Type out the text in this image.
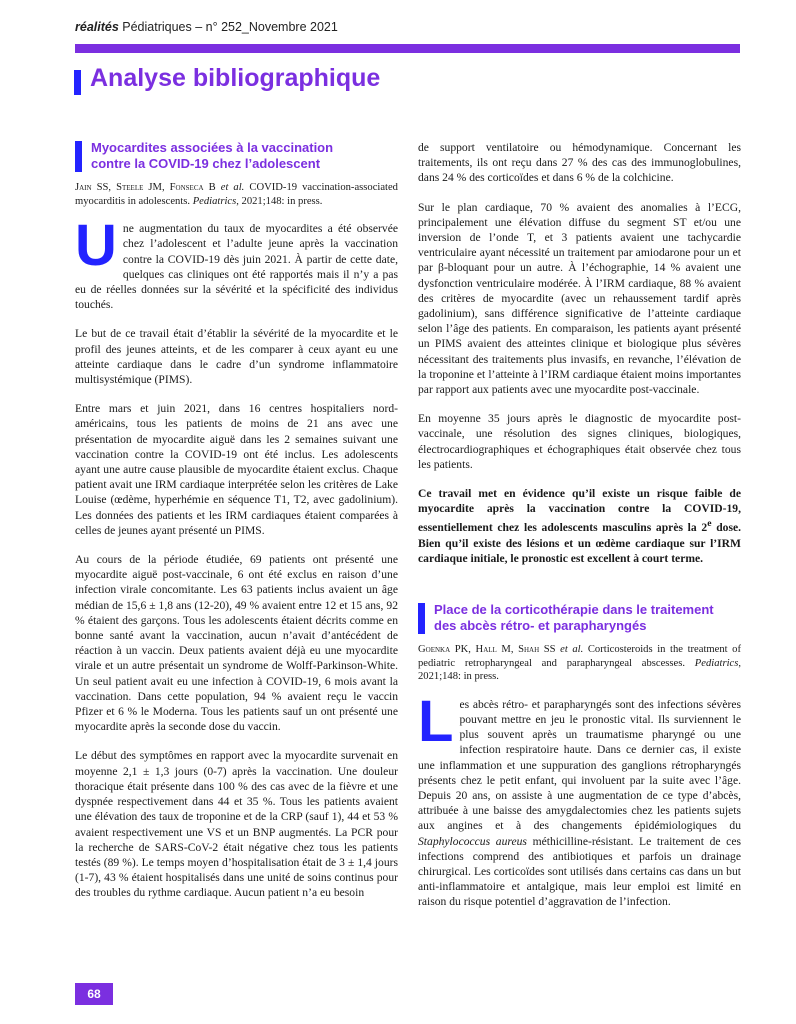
réalités Pédiatriques – n° 252_Novembre 2021
Analyse bibliographique
Myocardites associées à la vaccination
contre la COVID-19 chez l’adolescent
Jain SS, Steele JM, Fonseca B et al. COVID-19 vaccination-associated myocarditis in adolescents. Pediatrics, 2021;148: in press.

Une augmentation du taux de myocardites a été observée chez l’adolescent et l’adulte jeune après la vaccination contre la COVID-19 dès juin 2021. À partir de cette date, quelques cas cliniques ont été rapportés mais il n’y a pas eu de réelles données sur la sévérité et la spécificité des individus touchés.

Le but de ce travail était d’établir la sévérité de la myocardite et le profil des jeunes atteints, et de les comparer à ceux ayant eu une atteinte cardiaque dans le cadre d’un syndrome inflammatoire multisystémique (PIMS).

Entre mars et juin 2021, dans 16 centres hospitaliers nord-américains, tous les patients de moins de 21 ans avec une présentation de myocardite aiguë dans les 2 semaines suivant une vaccination contre la COVID-19 ont été inclus. Les adolescents ayant une autre cause plausible de myocardite étaient exclus. Chaque patient avait une IRM cardiaque interprétée selon les critères de Lake Louise (œdème, hyperhémie en séquence T1, T2, avec gadolinium). Les données des patients et les IRM cardiaques étaient comparées à celles de jeunes ayant présenté un PIMS.

Au cours de la période étudiée, 69 patients ont présenté une myocardite aiguë post-vaccinale, 6 ont été exclus en raison d’une infection virale concomitante. Les 63 patients inclus avaient un âge médian de 15,6 ± 1,8 ans (12-20), 49 % avaient entre 12 et 15 ans, 92 % étaient des garçons. Tous les adolescents étaient décrits comme en bonne santé avant la vaccination, aucun n’avait d’antécédent de réaction à un vaccin. Deux patients avaient déjà eu une myocardite virale et un autre présentait un syndrome de Wolff-Parkinson-White. Un seul patient avait eu une infection à COVID-19, 6 mois avant la vaccination. Dans cette population, 94 % avaient reçu le vaccin Pfizer et 6 % le Moderna. Tous les patients sauf un ont présenté une myocardite après la seconde dose du vaccin.

Le début des symptômes en rapport avec la myocardite survenait en moyenne 2,1 ± 1,3 jours (0-7) après la vaccination. Une douleur thoracique était présente dans 100 % des cas avec de la fièvre et une dyspnée respectivement dans 44 et 35 %. Tous les patients avaient une élévation des taux de troponine et de la CRP (sauf 1), 44 et 53 % avaient respectivement une VS et un BNP augmentés. La PCR pour la recherche de SARS-CoV-2 était négative chez tous les patients testés (89 %). Le temps moyen d’hospitalisation était de 3 ± 1,4 jours (1-7), 43 % étaient hospitalisés dans une unité de soins continus pour des troubles du rythme cardiaque. Aucun patient n’a eu besoin

de support ventilatoire ou hémodynamique. Concernant les traitements, ils ont reçu dans 27 % des cas des immunoglobulines, dans 24 % des corticoïdes et dans 6 % de la colchicine.

Sur le plan cardiaque, 70 % avaient des anomalies à l’ECG, principalement une élévation diffuse du segment ST et/ou une inversion de l’onde T, et 3 patients avaient une tachycardie ventriculaire ayant nécessité un traitement par amiodarone pour un et par β-bloquant pour un autre. À l’échographie, 14 % avaient une dysfonction ventriculaire modérée. À l’IRM cardiaque, 88 % avaient des critères de myocardite (avec un rehaussement tardif après gadolinium), sans différence significative de l’atteinte cardiaque selon l’âge des patients. En comparaison, les patients ayant présenté un PIMS avaient des atteintes clinique et biologique plus sévères nécessitant des traitements plus invasifs, en revanche, l’élévation de la troponine et l’atteinte à l’IRM cardiaque étaient moins importantes par rapport aux patients avec une myocardite post-vaccinale.

En moyenne 35 jours après le diagnostic de myocardite post-vaccinale, une résolution des signes cliniques, biologiques, électrocardiographiques et échographiques était observée chez tous les patients.

Ce travail met en évidence qu’il existe un risque faible de myocardite après la vaccination contre la COVID-19, essentiellement chez les adolescents masculins après la 2e dose. Bien qu’il existe des lésions et un œdème cardiaque sur l’IRM cardiaque initiale, le pronostic est excellent à court terme.

Place de la corticothérapie dans le traitement
des abcès rétro- et parapharyngés
Goenka PK, Hall M, Shah SS et al. Corticosteroids in the treatment of pediatric retropharyngeal and parapharyngeal abscesses. Pediatrics, 2021;148: in press.

Les abcès rétro- et parapharyngés sont des infections sévères pouvant mettre en jeu le pronostic vital. Ils surviennent le plus souvent après un traumatisme pharyngé ou une infection respiratoire haute. Dans ce dernier cas, il existe une inflammation et une suppuration des ganglions rétropharyngés présents chez le petit enfant, qui involuent par la suite avec l’âge. Depuis 20 ans, on assiste à une augmentation de ce type d’abcès, attribuée à une baisse des amygdalectomies chez les patients sujets aux angines et à des changements épidémiologiques du Staphylococcus aureus méthicilline-résistant. Le traitement de ces infections comprend des antibiotiques et parfois un drainage chirurgical. Les corticoïdes sont utilisés dans certains cas dans un but anti-inflammatoire et antalgique, mais leur emploi est limité en raison du risque potentiel d’aggravation de l’infection.

68
